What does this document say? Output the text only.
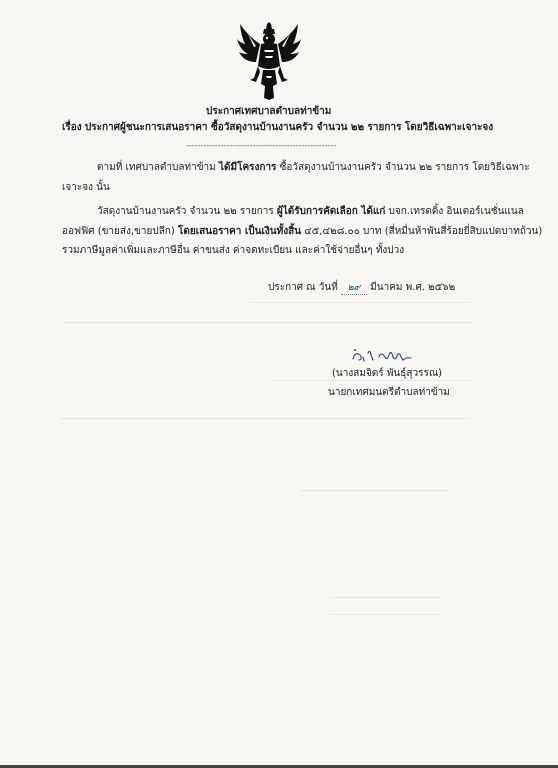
ประกาศเทศบาลตำบลท่าข้าม
เรื่อง ประกาศผู้ชนะการเสนอราคา ซื้อวัสดุงานบ้านงานครัว จำนวน ๒๒ รายการ โดยวิธีเฉพาะเจาะจง
----------------------------------------------------
ตามที่ เทศบาลตำบลท่าข้าม ได้มีโครงการ ซื้อวัสดุงานบ้านงานครัว จำนวน ๒๒ รายการ โดยวิธีเฉพาะ
เจาะจง นั้น
วัสดุงานบ้านงานครัว จำนวน ๒๒ รายการ ผู้ได้รับการคัดเลือก ได้แก่ บจก.เทรดดิ้ง อินเตอร์เนชั่นแนล
ออฟฟิศ (ขายส่ง,ขายปลีก) โดยเสนอราคา เป็นเงินทั้งสิ้น ๔๕,๔๒๘.๐๐ บาท (สี่หมื่นห้าพันสี่ร้อยยี่สิบแปดบาทถ้วน)
รวมภาษีมูลค่าเพิ่มและภาษีอื่น ค่าขนส่ง ค่าจดทะเบียน และค่าใช้จ่ายอื่นๆ ทั้งปวง
ประกาศ ณ วันที่ ๒๙ มีนาคม พ.ศ. ๒๕๖๒
(นางสมจิตร์ พันธุ์สุวรรณ)
นายกเทศมนตรีตำบลท่าข้าม
